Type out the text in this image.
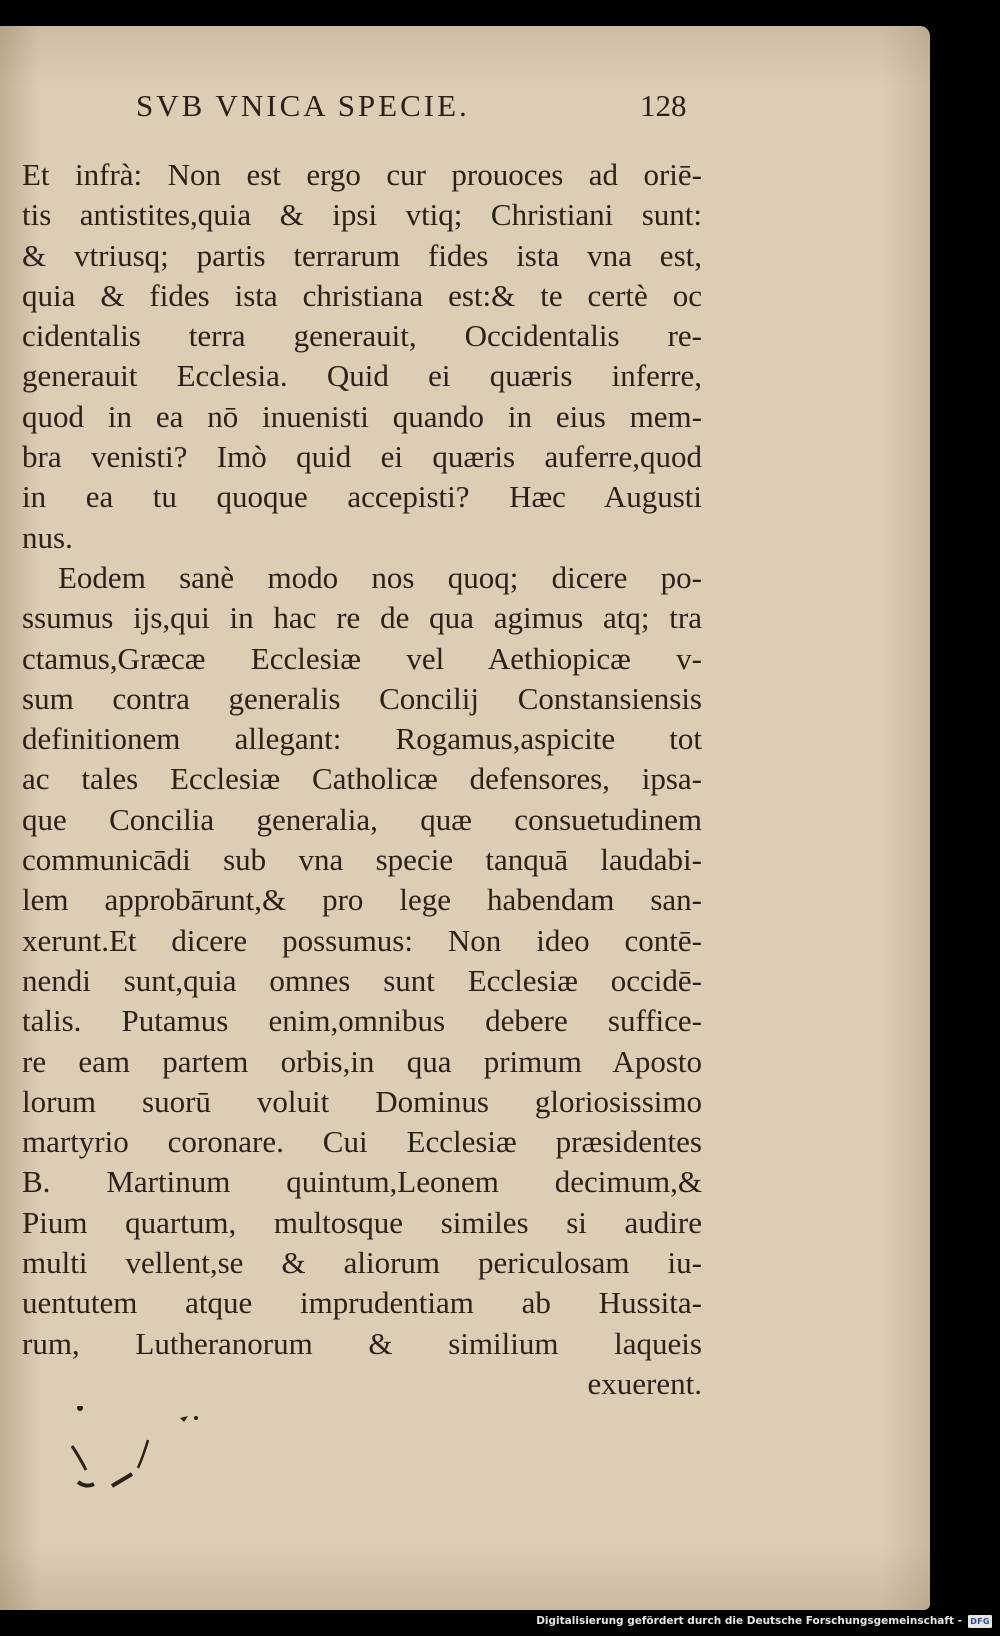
SVB VNICA SPECIE.	128
Et infrà: Non est ergo cur prouoces ad oriē-
tis antistites,quia & ipsi vtiq; Christiani sunt:
& vtriusq; partis terrarum fides ista vna est,
quia & fides ista christiana est:& te certè oc
cidentalis terra generauit, Occidentalis re-
generauit Ecclesia. Quid ei quæris inferre,
quod in ea nō inuenisti quando in eius mem-
bra venisti? Imò quid ei quæris auferre,quod
in ea tu quoque accepisti? Hæc Augusti
nus.
Eodem sanè modo nos quoq; dicere po-
ssumus ijs,qui in hac re de qua agimus atq; tra
ctamus,Græcæ Ecclesiæ vel Aethiopicæ v-
sum contra generalis Concilij Constansiensis
definitionem allegant: Rogamus,aspicite tot
ac tales Ecclesiæ Catholicæ defensores, ipsa-
que Concilia generalia, quæ consuetudinem
communicādi sub vna specie tanquā laudabi-
lem approbārunt,& pro lege habendam san-
xerunt.Et dicere possumus: Non ideo contē-
nendi sunt,quia omnes sunt Ecclesiæ occidē-
talis. Putamus enim,omnibus debere suffice-
re eam partem orbis,in qua primum Aposto
lorum suorū voluit Dominus gloriosissimo
martyrio coronare. Cui Ecclesiæ præsidentes
B. Martinum quintum,Leonem decimum,&
Pium quartum, multosque similes si audire
multi vellent,se & aliorum periculosam iu-
uentutem atque imprudentiam ab Hussita-
rum, Lutheranorum & similium laqueis
exuerent.
Digitalisierung gefördert durch die Deutsche Forschungsgemeinschaft - DFG
